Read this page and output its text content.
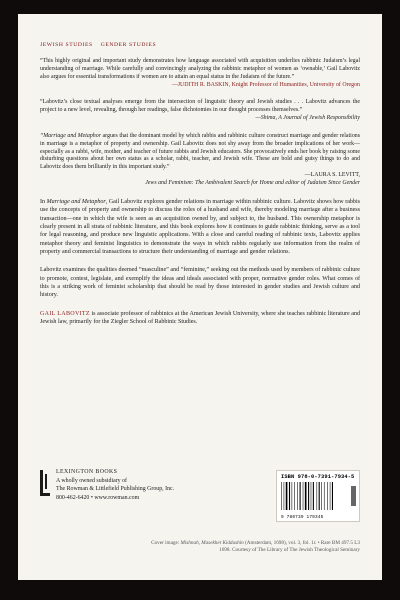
JEWISH STUDIES GENDER STUDIES
“This highly original and important study demonstrates how language associated with acquisition underlies rabbinic Judaism’s legal understanding of marriage. While carefully and convincingly analyzing the rabbinic metaphor of women as ‘ownable,’ Gail Labovitz also argues for essential transformations if women are to attain an equal status in the Judaism of the future.”
—JUDITH R. BASKIN, Knight Professor of Humanities, University of Oregon
“Labovitz’s close textual analyses emerge from the intersection of linguistic theory and Jewish studies . . . Labovitz advances the project to a new level, revealing, through her readings, false dichotomies in our thought processes themselves.”
—Shima, A Journal of Jewish Responsibility
“Marriage and Metaphor argues that the dominant model by which rabbis and rabbinic culture construct marriage and gender relations in marriage is a metaphor of property and ownership. Gail Labovitz does not shy away from the broader implications of her work—especially as a rabbi, wife, mother, and teacher of future rabbis and Jewish educators. She provocatively ends her book by raising some disturbing questions about her own status as a scholar, rabbi, teacher, and Jewish wife. These are bold and gutsy things to do and Labovitz does them brilliantly in this important study.”
—LAURA S. LEVITT,
Jews and Feminism: The Ambivalent Search for Home and editor of Judaism Since Gender
In Marriage and Metaphor, Gail Labovitz explores gender relations in marriage within rabbinic culture. Labovitz shows how rabbis use the concepts of property and ownership to discuss the roles of a husband and wife, thereby modeling marriage after a business transaction—one in which the wife is seen as an acquisition owned by, and subject to, the husband. This ownership metaphor is clearly present in all strata of rabbinic literature, and this book explores how it continues to guide rabbinic thinking, serve as a tool for legal reasoning, and produce new linguistic applications. With a close and careful reading of rabbinic texts, Labovitz applies metaphor theory and feminist linguistics to demonstrate the ways in which rabbis regularly use information from the realm of property and commercial transactions to structure their understanding of marriage and gender relations.
Labovitz examines the qualities deemed “masculine” and “feminine,” seeking out the methods used by members of rabbinic culture to promote, contest, legislate, and exemplify the ideas and ideals associated with proper, normative gender roles. What comes of this is a striking work of feminist scholarship that should be read by those interested in gender studies and Jewish culture and history.
GAIL LABOVITZ is associate professor of rabbinics at the American Jewish University, where she teaches rabbinic literature and Jewish law, primarily for the Ziegler School of Rabbinic Studies.
LEXINGTON BOOKS
A wholly owned subsidiary of
The Rowman & Littlefield Publishing Group, Inc.
800-462-6420 • www.rowman.com
ISBN 978-0-7391-7934-5
9 780739 179345
Cover image: Mishnah, Masekhet Kiddushin (Amsterdam, 1698), vol. 3, fol. 1r. • Rare BM 497.5 L3
1698. Courtesy of The Library of The Jewish Theological Seminary
